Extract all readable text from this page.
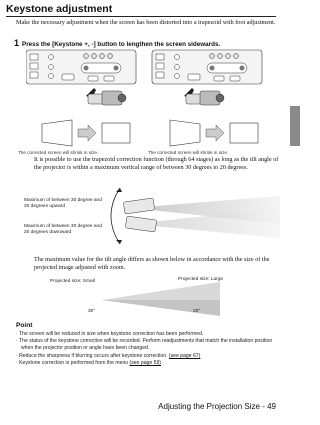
Keystone adjustment
Make the necessary adjustment when the screen has been distorted into a trapezoid with foot adjustment.
1 Press the [Keystone +, -] button to lengthen the screen sidewards.
The corrected screen will shrink in size.	The corrected screen will shrink in size.
It is possible to use the trapezoid correction function (through 64 stages) as long as the tilt angle of the projector is within a maximum vertical range of between 30 degrees to 20 degrees.
Maximum of between 30 degree and 20 degrees upward
Maximum of between 30 degree and 20 degrees downward
The maximum value for the tilt angle differs as shown below in accordance with the size of the projected image adjusted with zoom.
Projected size: Small	Projected size: Large
30°	20°
Point
· The screen will be reduced in size when keystone correction has been performed.
· The status of the keystone correction will be recorded. Perform readjustments that match the installation position when the projector position or angle have been changed.
· Reduce the sharpness if blurring occurs after keystone correction. (see page 67)
· Keystone correction is performed from the menu (see page 59)
Adjusting the Projection Size - 49
